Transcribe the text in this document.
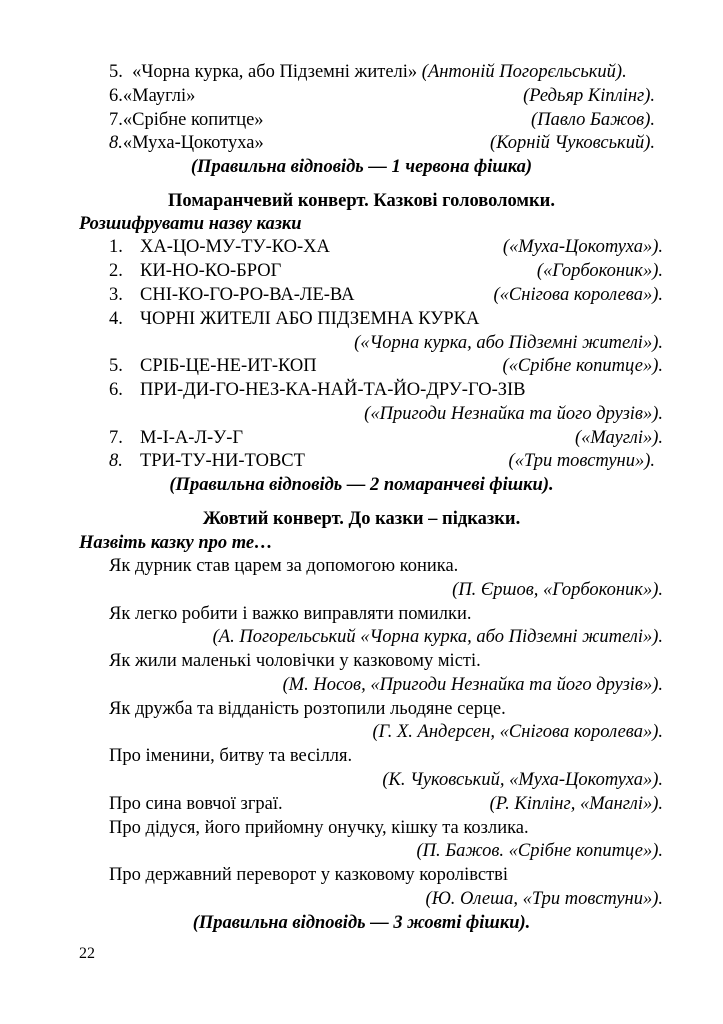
5. «Чорна курка, або Підземні жителі» (Антоній Погорєльський).
6.«Мауглі»	(Редьяр Кіплінг).
7.«Срібне копитце»	(Павло Бажов).
8.«Муха-Цокотуха»	(Корній Чуковський).
(Правильна відповідь — 1 червона фішка)
Помаранчевий конверт. Казкові головоломки.
Розшифрувати назву казки
1. ХА-ЦО-МУ-ТУ-КО-ХА	(«Муха-Цокотуха»).
2. КИ-НО-КО-БРОГ	(«Горбоконик»).
3. СНІ-КО-ГО-РО-ВА-ЛЕ-ВА	(«Снігова королева»).
4. ЧОРНІ ЖИТЕЛІ АБО ПІДЗЕМНА КУРКА
(«Чорна курка, або Підземні жителі»).
5. СРІБ-ЦЕ-НЕ-ИТ-КОП	(«Срібне копитце»).
6. ПРИ-ДИ-ГО-НЕЗ-КА-НАЙ-ТА-ЙО-ДРУ-ГО-ЗІВ
(«Пригоди Незнайка та його друзів»).
7. М-І-А-Л-У-Г	(«Мауглі»).
8. ТРИ-ТУ-НИ-ТОВСТ	(«Три товстуни»).
(Правильна відповідь — 2 помаранчеві фішки).
Жовтий конверт. До казки – підказки.
Назвіть казку про те…
Як дурник став царем за допомогою коника.
(П. Єршов, «Горбоконик»).
Як легко робити і важко виправляти помилки.
(А. Погорельський «Чорна курка, або Підземні жителі»).
Як жили маленькі чоловічки у казковому місті.
(М. Носов, «Пригоди Незнайка та його друзів»).
Як дружба та відданість розтопили льодяне серце.
(Г. Х. Андерсен, «Снігова королева»).
Про іменини, битву та весілля.
(К. Чуковський, «Муха-Цокотуха»).
Про сина вовчої зграї.	(Р. Кіплінг, «Манглі»).
Про дідуся, його прийомну онучку, кішку та козлика.
(П. Бажов. «Срібне копитце»).
Про державний переворот у казковому королівстві
(Ю. Олеша, «Три товстуни»).
(Правильна відповідь — 3 жовті фішки).
22
